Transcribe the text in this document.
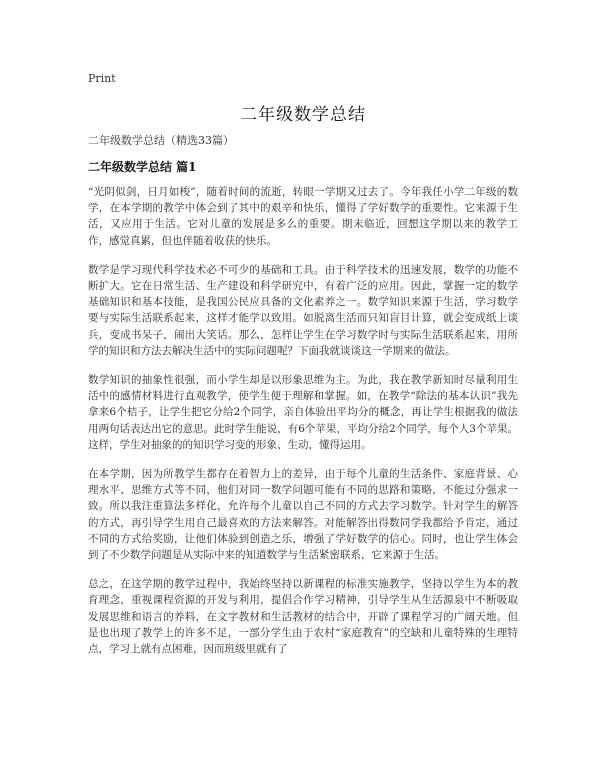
Print
二年级数学总结
二年级数学总结（精选33篇）
二年级数学总结 篇1

“光阴似剑，日月如梭”，随着时间的流逝，转眼一学期又过去了。今年我任小学二年级的数学，在本学期的教学中体会到了其中的艰辛和快乐，懂得了学好数学的重要性。它来源于生活，又应用于生活。它对儿童的发展是多么的重要。期末临近，回想这学期以来的教学工作，感觉真累，但也伴随着收获的快乐。

数学是学习现代科学技术必不可少的基础和工具。由于科学技术的迅速发展，数学的功能不断扩大。它在日常生活、生产建设和科学研究中，有着广泛的应用。因此，掌握一定的数学基础知识和基本技能，是我国公民应具备的文化素养之一。数学知识来源于生活，学习数学要与实际生活联系起来，这样才能学以致用。如脱离生活而只知盲目计算，就会变成纸上谈兵，变成书呆子，闹出大笑话。那么，怎样让学生在学习数学时与实际生活联系起来，用所学的知识和方法去解决生活中的实际问题呢？下面我就谈谈这一学期来的做法。

数学知识的抽象性很强，而小学生却是以形象思维为主。为此，我在教学新知时尽量利用生活中的感情材料进行直观教学，使学生便于理解和掌握。如，在教学“除法的基本认识”我先拿来6个桔子，让学生把它分给2个同学，亲自体验出平均分的概念，再让学生根据我的做法用两句话表达出它的意思。此时学生能说，有6个苹果，平均分给2个同学，每个人3个苹果。这样，学生对抽象的的知识学习变的形象、生动，懂得运用。

在本学期，因为所教学生都存在着智力上的差异，由于每个儿童的生活条件、家庭背景、心理水平、思维方式等不同，他们对同一数学问题可能有不同的思路和策略，不能过分强求一致。所以我注重算法多样化，允许每个儿童以自己不同的方式去学习数学。针对学生的解答的方式，再引导学生用自己最喜欢的方法来解答。对能解答出得数同学我都给予肯定，通过不同的方式给奖励，让他们体验到创造之乐，增强了学好数学的信心。同时，也让学生体会到了不少数学问题是从实际中来的知道数学与生活紧密联系，它来源于生活。

总之，在这学期的教学过程中，我始终坚持以新课程的标准实施教学，坚持以学生为本的教育理念，重视课程资源的开发与利用，提倡合作学习精神，引导学生从生活源泉中不断吸取发展思维和语言的养料，在文字教材和生活教材的结合中，开辟了课程学习的广阔天地。但是也出现了教学上的许多不足，一部分学生由于农村“家庭教育”的空缺和儿童特殊的生理特点，学习上就有点困难，因而班级里就有了
